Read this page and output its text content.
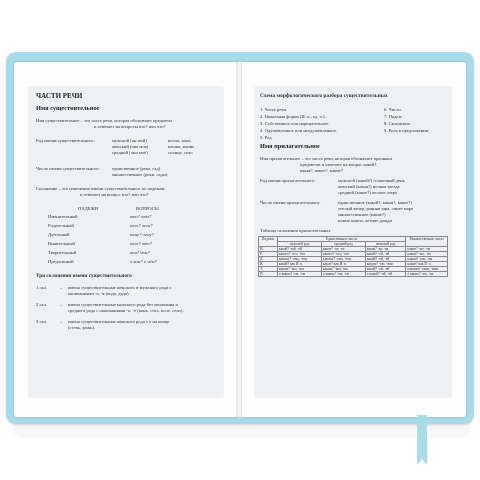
ЧАСТИ РЕЧИ
Имя существительное
Имя существительное – это часть речи, которая обозначает предметы
и отвечает на вопросы кто? или что?
Род имени существительного:	мужской (он мой)	носок, конь
женский (она моя)	кошка, жизнь
средний (оно моё)	солнце, село
Число имени существительного:	единственное (река, сад)
множественное (реки, сады)
Склонение – это изменение имени существительного по падежам.
и отвечает на вопрос кто? или что?
ПАДЕЖИ	ВОПРОСЫ
Именительный	кто? что?
Родительный	кого? чего?
Дательный	кому? чему?
Винительный	кого? что?
Творительный	кем? чем?
Предложный	о ком? о чём?
Три склонения имени существительного
1 скл.	– имена существительные женского и мужского рода с
окончаниями -а, -я (вода, дядя).
2 скл.	– имена существительные мужского рода без окончания и
среднего рода с окончаниями -о, -е (конь, стол, поле, село).
3 скл.	– имена существительные женского рода с ь на конце
(степь, рожь).
Схема морфологического разбора существительных
1. Часть речи.
2. Начальная форма (И. п., ед. ч.).
3. Собственное или нарицательное.
4. Одушевленное или неодушевленное.
5. Род.
6. Число.
7. Падеж.
8. Склонение.
9. Роль в предложении.
Имя прилагательное
Имя прилагательное – это часть речи, которая обозначает признаки
предметов и отвечает на вопрос какой?,
какая?, какое?, какие?
Род имени прилагательного:	мужской (какой?) солнечный день
женский (какая?) ночная звезда
средний (какое?) лесное озеро
Число имени прилагательного:	единственное (какой?, какая?, какое?)
теплый вечер, ранняя зара, синее море
множественное (какие?)
новые книги, летние дожди
Таблица склонения прилагательных
Падежи	Единственное число			Множественное число
	мужской род	средний род	женский род	
И.	какой? -ый, -ой	какое? -ое, -ее	какая? -ая, -яя	какие? -ые, -ие
Р.	какого? -ого, -его	какого? -ого, -его	какой? -ой, -ей	каких? -ых, -их
Д.	какому? -ому, -ему	какому? -ому, -ему	какой? -ой, -ей	каким? -ым, -им
В.	какой? как И. п.	какое? как И. п.	какую? -ую, -юю	какие? как И. п.
Т.	каким? -ым, -им	каким? -ым, -им	какой? -ой, -ей	какими? -ыми, -ими
П.	о каком? -ом, -ем	о каком? -ом, -ем	о какой? -ой, -ей	о каких? -ых, -их
